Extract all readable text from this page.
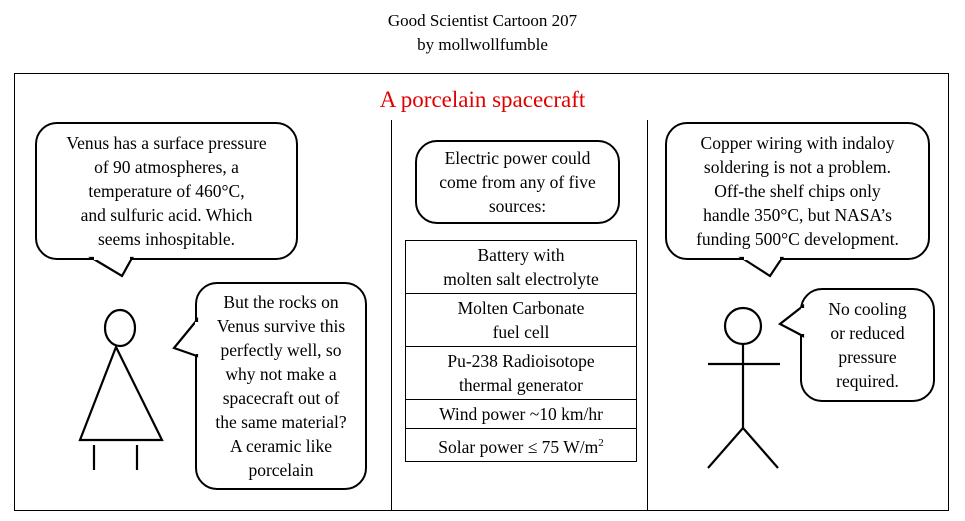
Good Scientist Cartoon 207
by mollwollfumble
A porcelain spacecraft
Venus has a surface pressure
of 90 atmospheres, a
temperature of 460°C,
and sulfuric acid. Which
seems inhospitable.
But the rocks on
Venus survive this
perfectly well, so
why not make a
spacecraft out of
the same material?
A ceramic like
porcelain
Electric power could
come from any of five
sources:
Battery with
molten salt electrolyte
Molten Carbonate
fuel cell
Pu-238 Radioisotope
thermal generator
Wind power ~10 km/hr
Solar power ≤ 75 $W/m^2$
Copper wiring with indaloy
soldering is not a problem.
Off-the shelf chips only
handle 350°C, but NASA’s
funding 500°C development.
No cooling
or reduced
pressure
required.
